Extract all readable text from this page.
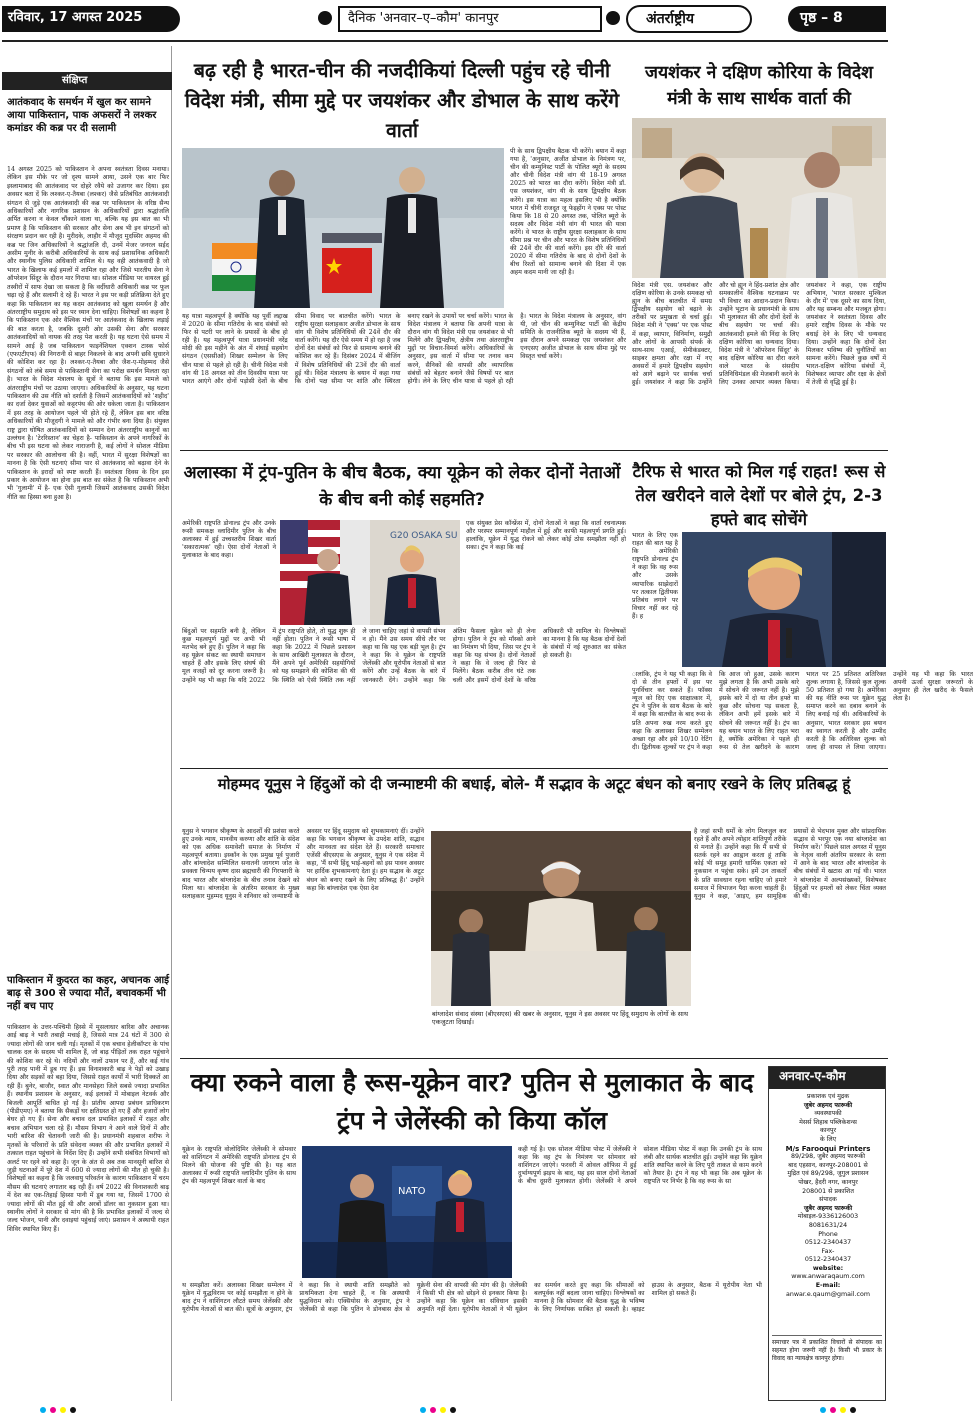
रविवार, 17 अगस्त 2025	दैनिक 'अनवार–ए–कौम' कानपुर	अंतर्राष्ट्रीय	पृष्ठ – 8
संक्षिप्त
आतंकवाद के समर्थन में खुल कर सामने आया पाकिस्तान, पाक अफसरों ने लश्कर कमांडर की कब्र पर दी सलामी
14 अगस्त 2025 को पाकिस्तान ने अपना स्वतंत्रता दिवस मनाया। लेकिन इस मौके पर जो दृश्य सामने आया, उसने एक बार फिर इस्लामाबाद की आतंकवाद पर दोहरे रवैये को उजागर कर दिया। इस अवसर बता दें कि लश्कर-ए-तैयबा (लश्कर) जैसे प्रतिबंधित आतंकवादी संगठन से जुड़े एक आतंकवादी की कब्र पर पाकिस्तान के वरिष्ठ सैन्य अधिकारियों और नागरिक प्रशासन के अधिकारियों द्वारा श्रद्धांजलि अर्पित करना न केवल चौंकाने वाला था, बल्कि यह इस बात का भी प्रमाण है कि पाकिस्तान की सरकार और सेना अब भी इन संगठनों को संरक्षण प्रदान कर रही है। मुरीदके, लाहौर में मौजूद मुदस्सिर अहमद की कब्र पर जिन अधिकारियों ने श्रद्धांजलि दी, उनमें मेजर जनरल सईद असीम मुनीर के करीबी अधिकारियों के साथ कई प्रशासनिक अधिकारी और स्थानीय पुलिस अधिकारी शामिल थे। यह वही आतंकवादी है जो भारत के खिलाफ कई हमलों में शामिल रहा और जिसे भारतीय सेना ने ऑपरेशन सिंदूर के दौरान मार गिराया था। सोशल मीडिया पर वायरल हुई तस्वीरों में साफ देखा जा सकता है कि वर्दीधारी अधिकारी कब्र पर फूल चढ़ा रहे हैं और सलामी दे रहे हैं। भारत ने इस पर कड़ी प्रतिक्रिया देते हुए कहा कि पाकिस्तान का यह कदम आतंकवाद को खुला समर्थन है और अंतरराष्ट्रीय समुदाय को इस पर ध्यान देना चाहिए। विशेषज्ञों का कहना है कि पाकिस्तान एक ओर वैश्विक मंचों पर आतंकवाद के खिलाफ लड़ाई की बात करता है, जबकि दूसरी ओर उसकी सेना और सरकार आतंकवादियों को नायक की तरह पेश करती है। यह घटना ऐसे समय में सामने आई है जब पाकिस्तान फाइनेंशियल एक्शन टास्क फोर्स (एफएटीएफ) की निगरानी से बाहर निकलने के बाद अपनी छवि सुधारने की कोशिश कर रहा है। लश्कर-ए-तैयबा और जैश-ए-मोहम्मद जैसे संगठनों को लंबे समय से पाकिस्तानी सेना का परोक्ष समर्थन मिलता रहा है। भारत के विदेश मंत्रालय के सूत्रों ने बताया कि इस मामले को अंतरराष्ट्रीय मंचों पर उठाया जाएगा। अधिकारियों के अनुसार, यह घटना पाकिस्तान की उस नीति को दर्शाती है जिसमें आतंकवादियों को 'शहीद' का दर्जा देकर युवाओं को कट्टरपंथ की ओर धकेला जाता है। पाकिस्तान में इस तरह के आयोजन पहले भी होते रहे हैं, लेकिन इस बार वरिष्ठ अधिकारियों की मौजूदगी ने मामले को और गंभीर बना दिया है। संयुक्त राष्ट्र द्वारा घोषित आतंकवादियों को सम्मान देना अंतरराष्ट्रीय कानूनों का उल्लंघन है। 'टेररिस्तान' का चेहरा है- पाकिस्तान के अपने नागरिकों के बीच भी इस घटना को लेकर नाराजगी है, कई लोगों ने सोशल मीडिया पर सरकार की आलोचना की है। वहीं, भारत में सुरक्षा विशेषज्ञों का मानना है कि ऐसी घटनाएं सीमा पार से आतंकवाद को बढ़ावा देने के पाकिस्तान के इरादों को स्पष्ट करती हैं। स्वतंत्रता दिवस के दिन इस प्रकार के आयोजन का होना इस बात का संकेत है कि पाकिस्तान अभी भी 'गुलामी' में है- एक ऐसी गुलामी जिसमें आतंकवाद उसकी विदेश नीति का हिस्सा बना हुआ है।
पाकिस्तान में कुदरत का कहर, अचानक आई बाढ़ से 300 से ज्यादा मौतें, बचावकर्मी भी नहीं बच पाए
पाकिस्तान के उत्तर-पश्चिमी हिस्से में मूसलाधार बारिश और अचानक आई बाढ़ ने भारी तबाही मचाई है, जिससे मात्र 24 घंटों में 300 से ज्यादा लोगों की जान चली गई। मृतकों में एक बचाव हेलीकॉप्टर के पांच चालक दल के सदस्य भी शामिल हैं, जो बाढ़ पीड़ितों तक राहत पहुंचाने की कोशिश कर रहे थे। नदियों और नालों उफान पर हैं, और कई गांव पूरी तरह पानी में डूब गए हैं। इस विनाशकारी बाढ़ ने पेड़ों को उखाड़ दिया और सड़कों को बहा दिया, जिससे राहत कार्यों में भारी दिक्कतें आ रही हैं। बुनेर, बाजौर, स्वात और मानसेहरा जिले सबसे ज्यादा प्रभावित हैं। स्थानीय प्रशासन के अनुसार, कई इलाकों में मोबाइल नेटवर्क और बिजली आपूर्ति बाधित हो गई है। प्रांतीय आपदा प्रबंधन प्राधिकरण (पीडीएमए) ने बताया कि सैकड़ों घर क्षतिग्रस्त हो गए हैं और हजारों लोग बेघर हो गए हैं। सेना और बचाव दल प्रभावित इलाकों में राहत और बचाव अभियान चला रहे हैं। मौसम विभाग ने आने वाले दिनों में और भारी बारिश की चेतावनी जारी की है। प्रधानमंत्री शहबाज शरीफ ने मृतकों के परिवारों के प्रति संवेदना व्यक्त की और प्रभावित इलाकों में तत्काल राहत पहुंचाने के निर्देश दिए हैं। उन्होंने सभी संबंधित विभागों को अलर्ट पर रहने को कहा है। जून के अंत से अब तक मानसूनी बारिश से जुड़ी घटनाओं में पूरे देश में 600 से ज्यादा लोगों की मौत हो चुकी है। विशेषज्ञों का कहना है कि जलवायु परिवर्तन के कारण पाकिस्तान में चरम मौसम की घटनाएं लगातार बढ़ रही हैं। वर्ष 2022 की विनाशकारी बाढ़ में देश का एक-तिहाई हिस्सा पानी में डूब गया था, जिसमें 1700 से ज्यादा लोगों की मौत हुई थी और अरबों डॉलर का नुकसान हुआ था। स्थानीय लोगों ने सरकार से मांग की है कि प्रभावित इलाकों में जल्द से जल्द भोजन, पानी और दवाइयां पहुंचाई जाएं। प्रशासन ने अस्थायी राहत शिविर स्थापित किए हैं।
बढ़ रही है भारत-चीन की नजदीकियां दिल्ली पहुंच रहे चीनी विदेश मंत्री, सीमा मुद्दे पर जयशंकर और डोभाल के साथ करेंगे वार्ता
पी के साथ द्विपक्षीय बैठक भी करेंगे। बयान में कहा गया है, 'अनुसार, अजीत डोभाल के निमंत्रण पर, चीन की कम्युनिस्ट पार्टी के पोलित ब्यूरो के सदस्य और चीनी विदेश मंत्री वांग यी 18-19 अगस्त 2025 को भारत का दौरा करेंगे। विदेश मंत्री डॉ. एस जयशंकर, वांग यी के साथ द्विपक्षीय बैठक करेंगे। इस यात्रा का महत्व इसलिए भी है क्योंकि भारत में चीनी राजदूत जू फेइहोंग ने एक्स पर पोस्ट किया कि 18 से 20 अगस्त तक, पोलित ब्यूरो के सदस्य और विदेश मंत्री वांग यी भारत की यात्रा करेंगे। वे भारत के राष्ट्रीय सुरक्षा सलाहकार के साथ सीमा प्रश्न पर चीन और भारत के विशेष प्रतिनिधियों की 24वें दौर की वार्ता करेंगे। इस दौरे की वार्ता 2020 में सीमा गतिरोध के बाद से दोनों देशों के बीच रिश्तों को सामान्य बनाने की दिशा में एक अहम कदम मानी जा रही है।
यह यात्रा महत्वपूर्ण है क्योंकि यह पूर्वी लद्दाख में 2020 के सीमा गतिरोध के बाद संबंधों को फिर से पटरी पर लाने के प्रयासों के बीच हो रही है। यह महत्वपूर्ण यात्रा प्रधानमंत्री नरेंद्र मोदी की इस महीने के अंत में शंघाई सहयोग संगठन (एससीओ) शिखर सम्मेलन के लिए चीन यात्रा से पहले हो रही है। चीनी विदेश मंत्री वांग यी 18 अगस्त को तीन दिवसीय यात्रा पर भारत आएंगे और दोनों पड़ोसी देशों के बीच सीमा विवाद पर बातचीत करेंगे। भारत के राष्ट्रीय सुरक्षा सलाहकार अजीत डोभाल के साथ वांग यी विशेष प्रतिनिधियों की 24वें दौर की वार्ता करेंगे। यह दौर ऐसे समय में हो रहा है जब दोनों देश संबंधों को फिर से सामान्य बनाने की कोशिश कर रहे हैं। दिसंबर 2024 में बीजिंग में विशेष प्रतिनिधियों की 23वें दौर की वार्ता हुई थी। विदेश मंत्रालय के बयान में कहा गया कि दोनों पक्ष सीमा पर शांति और स्थिरता बनाए रखने के उपायों पर चर्चा करेंगे। भारत के विदेश मंत्रालय ने बताया कि अपनी यात्रा के दौरान वांग यी विदेश मंत्री एस जयशंकर से भी मिलेंगे और द्विपक्षीय, क्षेत्रीय तथा अंतरराष्ट्रीय मुद्दों पर विचार-विमर्श करेंगे। अधिकारियों के अनुसार, इस वार्ता में सीमा पर तनाव कम करने, सैनिकों की वापसी और व्यापारिक संबंधों को बेहतर बनाने जैसे विषयों पर बात होगी। लेने के लिए चीन यात्रा से पहले हो रही है। भारत के विदेश मंत्रालय के अनुसार, वांग यी, जो चीन की कम्युनिस्ट पार्टी की केंद्रीय समिति के राजनीतिक ब्यूरो के सदस्य भी हैं, इस दौरान अपने समकक्ष एस जयशंकर और एनएसए अजीत डोभाल के साथ सीमा मुद्दे पर विस्तृत चर्चा करेंगे।
जयशंकर ने दक्षिण कोरिया के विदेश मंत्री के साथ सार्थक वार्ता की
विदेश मंत्री एस. जयशंकर और दक्षिण कोरिया के उनके समकक्ष चो ह्यून के बीच बातचीत में समग्र द्विपक्षीय सहयोग को बढ़ाने के तरीकों पर प्रमुखता से चर्चा हुई। विदेश मंत्री ने 'एक्स' पर एक पोस्ट में कहा, व्यापार, विनिर्माण, समुद्री और लोगों के आपसी संपर्क के साथ-साथ एआई, सेमीकंडक्टर, साइबर क्षमता और रक्षा में नए अवसरों में हमारे द्विपक्षीय सहयोग को आगे बढ़ाने पर सार्थक चर्चा हुई। जयशंकर ने कहा कि उन्होंने और चो ह्यून ने हिंद-प्रशांत क्षेत्र और समकालीन वैश्विक घटनाक्रम पर भी विचार का आदान-प्रदान किया। उन्होंने भूटान के प्रधानमंत्री के साथ भी मुलाकात की और दोनों देशों के बीच सहयोग पर चर्चा की। आतंकवादी हमले की निंदा के लिए दक्षिण कोरिया का धन्यवाद दिया। विदेश मंत्री ने 'ऑपरेशन सिंदूर' के बाद दक्षिण कोरिया का दौरा करने वाले भारत के संसदीय प्रतिनिधिमंडल की मेजबानी करने के लिए उनका आभार व्यक्त किया। जयशंकर ने कहा, एक राष्ट्रीय अभियान, 'भारत सरकार मुश्किल के दौर में' एक दूसरे का साथ दिया, और यह सम्बन्ध और मजबूत होगा। जयशंकर ने स्वतंत्रता दिवस और हमारे राष्ट्रीय दिवस के मौके पर बधाई देने के लिए भी धन्यवाद दिया। उन्होंने कहा कि दोनों देश मिलकर भविष्य की चुनौतियों का सामना करेंगे। पिछले कुछ वर्षों में भारत-दक्षिण कोरिया संबंधों में, विशेषकर व्यापार और रक्षा के क्षेत्रों में तेजी से वृद्धि हुई है।
अलास्का में ट्रंप-पुतिन के बीच बैठक, क्या यूक्रेन को लेकर दोनों नेताओं के बीच बनी कोई सहमति?
G20 OSAKA SU
अमेरिकी राष्ट्रपति डोनाल्ड ट्रंप और उनके रूसी समकक्ष व्लादिमीर पुतिन के बीच अलास्का में हुई उच्चस्तरीय शिखर वार्ता 'सकारात्मक' रही। ऐसा दोनों नेताओं ने मुलाकात के बाद कहा।
एक संयुक्त प्रेस कॉन्फ्रेंस में, दोनों नेताओं ने कहा कि वार्ता रचनात्मक और परस्पर सम्मानपूर्ण माहौल में हुई और काफी महत्वपूर्ण प्रगति हुई। हालांकि, यूक्रेन में युद्ध रोकने को लेकर कोई ठोस समझौता नहीं हो सका। ट्रंप ने कहा कि कई
बिंदुओं पर सहमति बनी है, लेकिन कुछ महत्वपूर्ण मुद्दों पर अभी भी मतभेद बने हुए हैं। पुतिन ने कहा कि वह यूक्रेन संकट का स्थायी समाधान चाहते हैं और इसके लिए संघर्ष की मूल वजहों को दूर करना जरूरी है। उन्होंने यह भी कहा कि यदि 2022 में ट्रंप राष्ट्रपति होते, तो युद्ध शुरू ही नहीं होता। पुतिन ने रूसी भाषा में कहा कि 2022 में पिछले प्रशासन के साथ आखिरी मुलाकात के दौरान, मैंने अपने पूर्व अमेरिकी सहयोगियों को यह समझाने की कोशिश की थी कि स्थिति को ऐसी स्थिति तक नहीं ले जाना चाहिए जहां से वापसी संभव न हो। मैंने उस समय सीधे तौर पर कहा था कि यह एक बड़ी भूल है। ट्रंप ने कहा कि वे यूक्रेन के राष्ट्रपति जेलेंस्की और यूरोपीय नेताओं से बात करेंगे और उन्हें बैठक के बारे में जानकारी देंगे। उन्होंने कहा कि अंतिम फैसला यूक्रेन को ही लेना होगा। पुतिन ने ट्रंप को मॉस्को आने का निमंत्रण भी दिया, जिस पर ट्रंप ने कहा कि यह संभव है। दोनों नेताओं ने कहा कि वे जल्द ही फिर से मिलेंगे। बैठक करीब तीन घंटे तक चली और इसमें दोनों देशों के वरिष्ठ अधिकारी भी शामिल थे। विश्लेषकों का मानना है कि यह बैठक दोनों देशों के संबंधों में नई शुरुआत का संकेत हो सकती है।
टैरिफ से भारत को मिल गई राहत! रूस से तेल खरीदने वाले देशों पर बोले ट्रंप, 2-3 हफ्ते बाद सोचेंगे
भारत के लिए एक राहत की बात यह है कि अमेरिकी राष्ट्रपति डोनाल्ड ट्रंप ने कहा कि वह रूस और उसके व्यापारिक साझेदारों पर तत्काल द्वितीयक प्रतिबंध लगाने पर विचार नहीं कर रहे हैं। ह
ालांकि, ट्रंप ने यह भी कहा कि वे दो से तीन हफ्तों में इस पर पुनर्विचार कर सकते हैं। फॉक्स न्यूज को दिए एक साक्षात्कार में, ट्रंप ने पुतिन के साथ बैठक के बारे में कहा कि बातचीत के बाद रूस के प्रति अपना रुख नरम करते हुए कहा कि अलास्का शिखर सम्मेलन अच्छा रहा और इसे 10/10 रेटिंग दी। द्वितीयक शुल्कों पर ट्रंप ने कहा कि आज जो हुआ, उसके कारण मुझे लगता है कि अभी उसके बारे में सोचने की जरूरत नहीं है। मुझे इसके बारे में दो या तीन हफ्ते या कुछ और सोचना पड़ सकता है, लेकिन अभी हमें इसके बारे में सोचने की जरूरत नहीं है। ट्रंप का यह बयान भारत के लिए राहत भरा है, क्योंकि अमेरिका ने पहले ही रूस से तेल खरीदने के कारण भारत पर 25 प्रतिशत अतिरिक्त शुल्क लगाया है, जिससे कुल शुल्क 50 प्रतिशत हो गया है। अमेरिका की यह नीति रूस पर यूक्रेन युद्ध समाप्त करने का दबाव बनाने के लिए बनाई गई थी। अधिकारियों के अनुसार, भारत सरकार इस बयान का स्वागत करती है और उम्मीद करती है कि अतिरिक्त शुल्क को जल्द ही वापस ले लिया जाएगा। उन्होंने यह भी कहा कि भारत अपनी ऊर्जा सुरक्षा जरूरतों के अनुसार ही तेल खरीद के फैसले लेता है।
मोहम्मद यूनुस ने हिंदुओं को दी जन्माष्टमी की बधाई, बोले- मैं सद्भाव के अटूट बंधन को बनाए रखने के लिए प्रतिबद्ध हूं
यूनुस ने भगवान श्रीकृष्ण के आदर्शों की प्रशंसा करते हुए उनके न्याय, मानवीय करुणा और शांति के संदेश को एक अधिक समावेशी समाज के निर्माण में महत्वपूर्ण बताया। इस्कॉन के एक प्रमुख पूर्व पुजारी और बांग्लादेश सम्मिलित सनातनी जागरण जोत के प्रवक्ता चिन्मय कृष्ण दास ब्रह्मचारी की गिरफ्तारी के बाद भारत और बांग्लादेश के बीच तनाव देखने को मिला था। बांग्लादेश के अंतरिम सरकार के मुख्य सलाहकार मुहम्मद यूनुस ने शनिवार को जन्माष्टमी के अवसर पर हिंदू समुदाय को शुभकामनाएं दीं। उन्होंने कहा कि भगवान श्रीकृष्ण के उपदेश शांति, सद्भाव और मानवता का संदेश देते हैं। सरकारी समाचार एजेंसी बीएसएस के अनुसार, यूनुस ने एक संदेश में कहा, 'मैं सभी हिंदू भाई-बहनों को इस पावन अवसर पर हार्दिक शुभकामनाएं देता हूं। हम सद्भाव के अटूट बंधन को बनाए रखने के लिए प्रतिबद्ध हैं।' उन्होंने कहा कि बांग्लादेश एक ऐसा देश
है जहां सभी धर्मों के लोग मिलजुल कर रहते हैं और अपने त्योहार शांतिपूर्ण तरीके से मनाते हैं। उन्होंने कहा कि मैं सभी से सतर्क रहने का आह्वान करता हूं ताकि कोई भी समूह हमारी धार्मिक एकता को नुकसान न पहुंचा सके। हमें उन ताकतों के प्रति सावधान रहना चाहिए जो हमारे समाज में विभाजन पैदा करना चाहती हैं। यूनुस ने कहा, 'आइए, हम सामूहिक प्रयासों से भेदभाव मुक्त और सांप्रदायिक सद्भाव से भरपूर एक नया बांग्लादेश का निर्माण करें।' पिछले साल अगस्त में यूनुस के नेतृत्व वाली अंतरिम सरकार के सत्ता में आने के बाद भारत और बांग्लादेश के बीच संबंधों में खटास आ गई थी। भारत ने बांग्लादेश में अल्पसंख्यकों, विशेषकर हिंदुओं पर हमलों को लेकर चिंता व्यक्त की थी।
बांग्लादेश संवाद संस्था (बीएसएस) की खबर के अनुसार, यूनुस ने इस अवसर पर हिंदू समुदाय के लोगों के साथ एकजुटता दिखाई।
क्या रुकने वाला है रूस-यूक्रेन वार? पुतिन से मुलाकात के बाद ट्रंप ने जेलेंस्की को किया कॉल
NATO
यूक्रेन के राष्ट्रपति वोलोदिमिर जेलेंस्की ने सोमवार को वाशिंगटन में अमेरिकी राष्ट्रपति डोनाल्ड ट्रंप से मिलने की योजना की पुष्टि की है। यह बात अलास्का में रूसी राष्ट्रपति व्लादिमीर पुतिन के साथ ट्रंप की महत्वपूर्ण शिखर वार्ता के बाद
कही गई है। एक सोशल मीडिया पोस्ट में जेलेंस्की ने कहा कि वह ट्रंप के निमंत्रण पर सोमवार को वाशिंगटन जाएंगे। फरवरी में ओवल ऑफिस में हुई दुर्भाग्यपूर्ण झड़प के बाद, यह इस साल दोनों नेताओं के बीच दूसरी मुलाकात होगी। जेलेंस्की ने अपने सोशल मीडिया पोस्ट में कहा कि उनकी ट्रंप के साथ लंबी और सार्थक बातचीत हुई। उन्होंने कहा कि यूक्रेन शांति स्थापित करने के लिए पूरी ताकत से काम करने को तैयार है। ट्रंप ने यह भी कहा कि अब यूक्रेन के राष्ट्रपति पर निर्भर है कि वह रूस के सा
थ समझौता करें। अलास्का शिखर सम्मेलन में यूक्रेन में युद्धविराम पर कोई समझौता न होने के बाद ट्रंप ने वाशिंगटन लौटते समय जेलेंस्की और यूरोपीय नेताओं से बात की। सूत्रों के अनुसार, ट्रंप ने कहा कि वे स्थायी शांति समझौते को प्राथमिकता देना चाहते हैं, न कि अस्थायी युद्धविराम को। एक्सियोस के अनुसार, ट्रंप ने जेलेंस्की से कहा कि पुतिन ने डोनबास क्षेत्र से यूक्रेनी सेना की वापसी की मांग की है। जेलेंस्की ने किसी भी क्षेत्र को छोड़ने से इनकार किया है। उन्होंने कहा कि यूक्रेन का संविधान इसकी अनुमति नहीं देता। यूरोपीय नेताओं ने भी यूक्रेन का समर्थन करते हुए कहा कि सीमाओं को बलपूर्वक नहीं बदला जाना चाहिए। विश्लेषकों का मानना है कि सोमवार की बैठक युद्ध के भविष्य के लिए निर्णायक साबित हो सकती है। व्हाइट हाउस के अनुसार, बैठक में यूरोपीय नेता भी शामिल हो सकते हैं।
अनवार-ए-कौम
प्रकाशक एवं मुद्रक
जुबेर अहमद फारूकी
व्यवस्थापकी
मेसर्स शिहाब पब्लिकेशन्स
कानपुर
के लिए
M/s Farooqui Printers
89/298, जुबैर अहमद फारूकी
बाद एहसान, कानपुर-208001 से
मुद्रित एवं 89/298, जुगुल प्रशासन
पोखर, हैदरी नगर, कानपुर
208001 से प्रकाशित
संपादक
जुबैर अहमद फारूकी
मोबाइल-9336126003
8081631/24
Phone
0512-2340437
Fax-
0512-2340437
website:
www.anwaraqaum.com
E-mail:
anwar.e.qaum@gmail.com
समाचार पत्र में प्रकाशित विचारों से संपादक का सहमत होना जरूरी नहीं है। किसी भी प्रकार के विवाद का न्यायक्षेत्र कानपुर होगा।
